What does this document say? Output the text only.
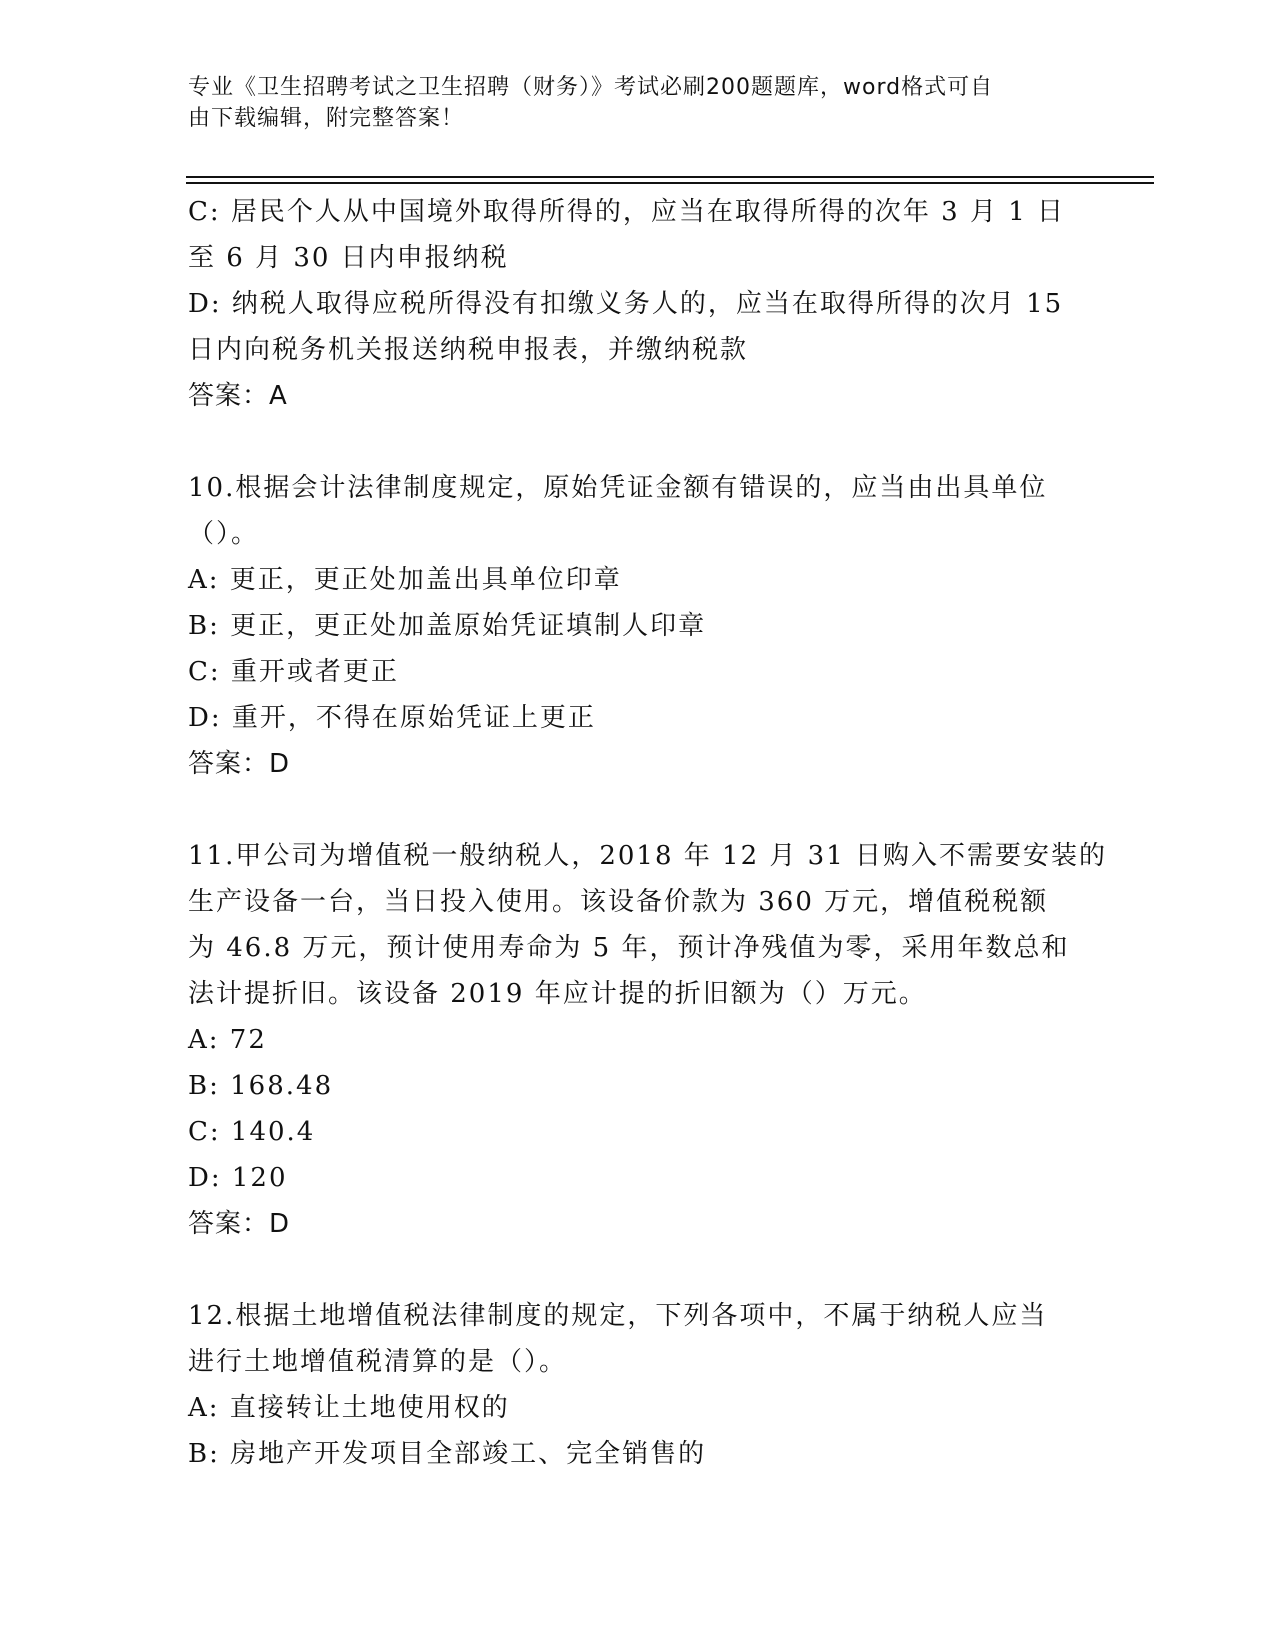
专业《卫生招聘考试之卫生招聘（财务）》考试必刷200题题库，word格式可自
由下载编辑，附完整答案！
C: 居民个人从中国境外取得所得的，应当在取得所得的次年 3 月 1 日
至 6 月 30 日内申报纳税
D: 纳税人取得应税所得没有扣缴义务人的，应当在取得所得的次月 15
日内向税务机关报送纳税申报表，并缴纳税款
答案：A
10.根据会计法律制度规定，原始凭证金额有错误的，应当由出具单位
（）。
A: 更正，更正处加盖出具单位印章
B: 更正，更正处加盖原始凭证填制人印章
C: 重开或者更正
D: 重开，不得在原始凭证上更正
答案：D
11.甲公司为增值税一般纳税人，2018 年 12 月 31 日购入不需要安装的
生产设备一台，当日投入使用。该设备价款为 360 万元，增值税税额
为 46.8 万元，预计使用寿命为 5 年，预计净残值为零，采用年数总和
法计提折旧。该设备 2019 年应计提的折旧额为（）万元。
A: 72
B: 168.48
C: 140.4
D: 120
答案：D
12.根据土地增值税法律制度的规定，下列各项中，不属于纳税人应当
进行土地增值税清算的是（）。
A: 直接转让土地使用权的
B: 房地产开发项目全部竣工、完全销售的
